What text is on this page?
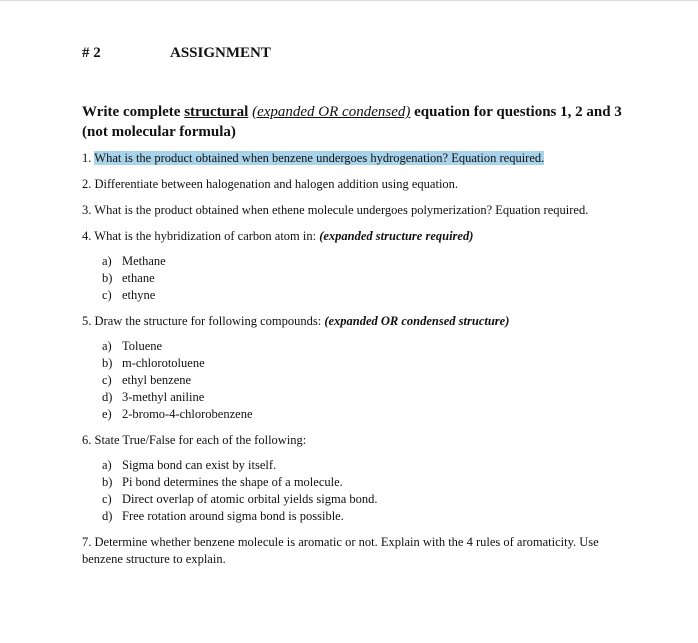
# 2	ASSIGNMENT
Write complete structural (expanded OR condensed) equation for questions 1, 2 and 3 (not molecular formula)

1. What is the product obtained when benzene undergoes hydrogenation? Equation required.

2. Differentiate between halogenation and halogen addition using equation.

3. What is the product obtained when ethene molecule undergoes polymerization? Equation required.

4. What is the hybridization of carbon atom in: (expanded structure required)

a) Methane
b) ethane
c) ethyne

5. Draw the structure for following compounds: (expanded OR condensed structure)

a) Toluene
b) m-chlorotoluene
c) ethyl benzene
d) 3-methyl aniline
e) 2-bromo-4-chlorobenzene

6. State True/False for each of the following:

a) Sigma bond can exist by itself.
b) Pi bond determines the shape of a molecule.
c) Direct overlap of atomic orbital yields sigma bond.
d) Free rotation around sigma bond is possible.

7. Determine whether benzene molecule is aromatic or not. Explain with the 4 rules of aromaticity. Use benzene structure to explain.
